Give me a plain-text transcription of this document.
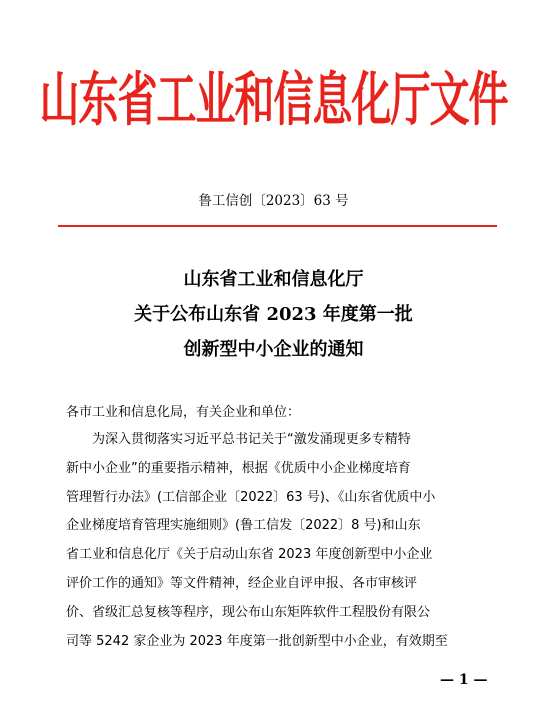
山东省工业和信息化厅文件
鲁工信创〔2023〕63 号
山东省工业和信息化厅
关于公布山东省 2023 年度第一批
创新型中小企业的通知
各市工业和信息化局，有关企业和单位：
为深入贯彻落实习近平总书记关于“激发涌现更多专精特
新中小企业”的重要指示精神，根据《优质中小企业梯度培育
管理暂行办法》(工信部企业〔2022〕63 号)、《山东省优质中小
企业梯度培育管理实施细则》(鲁工信发〔2022〕8 号)和山东
省工业和信息化厅《关于启动山东省 2023 年度创新型中小企业
评价工作的通知》等文件精神，经企业自评申报、各市审核评
价、省级汇总复核等程序，现公布山东矩阵软件工程股份有限公
司等 5242 家企业为 2023 年度第一批创新型中小企业，有效期至
— 1 —
